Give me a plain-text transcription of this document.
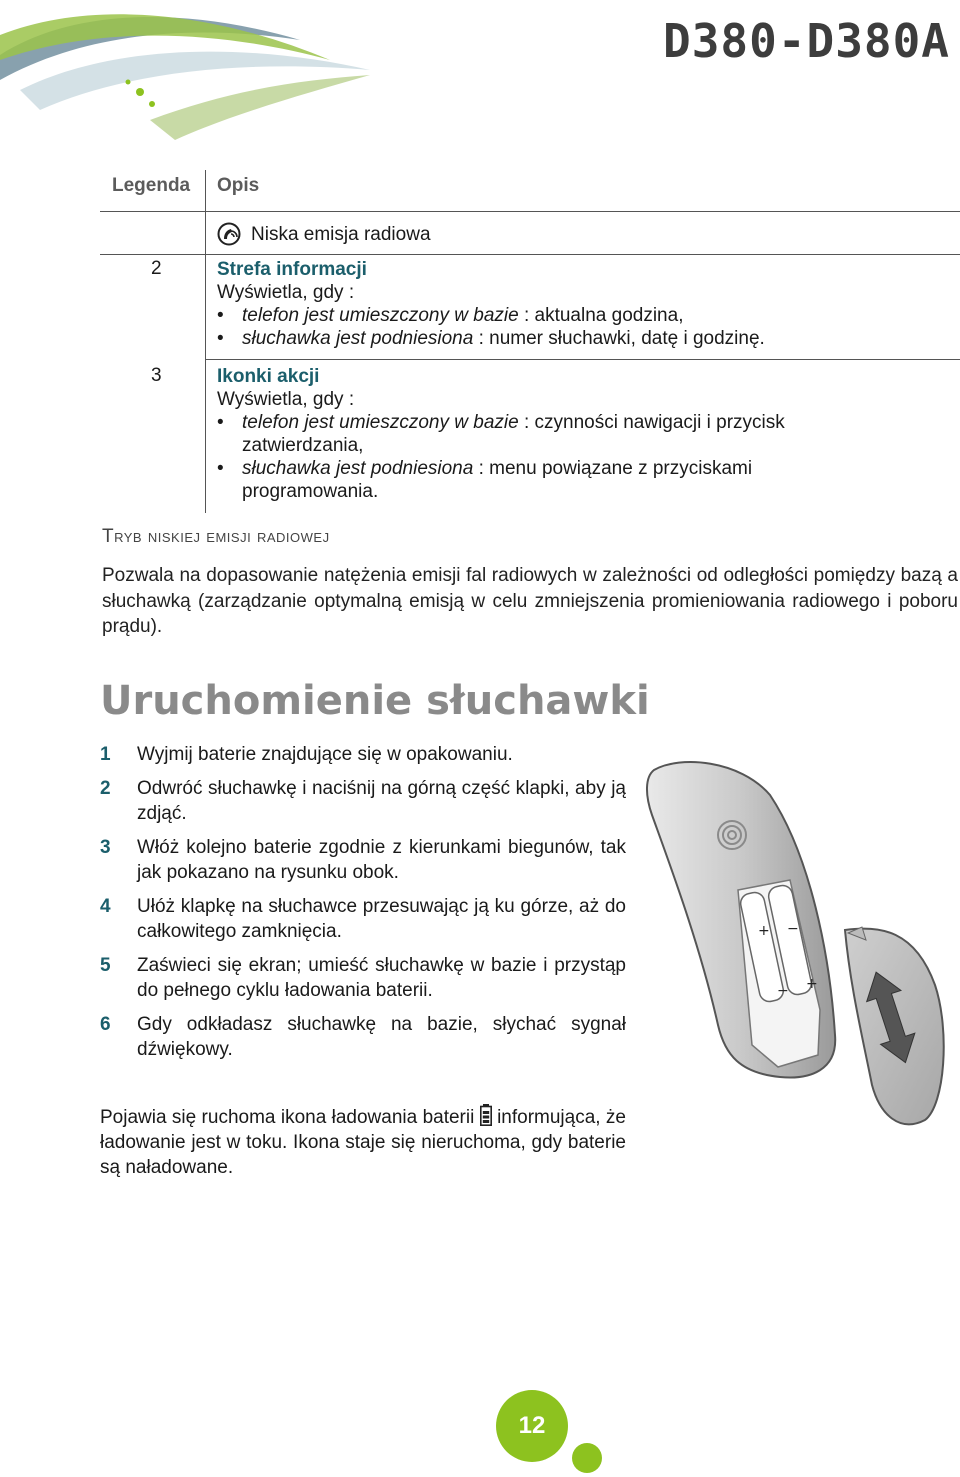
D380-D380A
Legenda Opis
Niska emisja radiowa
2	Strefa informacji
Wyświetla, gdy :
• telefon jest umieszczony w bazie : aktualna godzina,
• słuchawka jest podniesiona : numer słuchawki, datę i godzinę.
3	Ikonki akcji
Wyświetla, gdy :
• telefon jest umieszczony w bazie : czynności nawigacji i przycisk zatwierdzania,
• słuchawka jest podniesiona : menu powiązane z przyciskami programowania.
Tryb niskiej emisji radiowej
Pozwala na dopasowanie natężenia emisji fal radiowych w zależności od odległości pomiędzy bazą a słuchawką (zarządzanie optymalną emisją w celu zmniejszenia promieniowania radiowego i poboru prądu).
Uruchomienie słuchawki
1 Wyjmij baterie znajdujące się w opakowaniu.
2 Odwróć słuchawkę i naciśnij na górną część klapki, aby ją zdjąć.
3 Włóż kolejno baterie zgodnie z kierunkami biegunów, tak jak pokazano na rysunku obok.
4 Ułóż klapkę na słuchawce przesuwając ją ku górze, aż do całkowitego zamknięcia.
5 Zaświeci się ekran; umieść słuchawkę w bazie i przystąp do pełnego cyklu ładowania baterii.
6 Gdy odkładasz słuchawkę na bazie, słychać sygnał dźwiękowy.
+ −
− +
Pojawia się ruchoma ikona ładowania baterii informująca, że ładowanie jest w toku. Ikona staje się nieruchoma, gdy baterie są naładowane.
12
